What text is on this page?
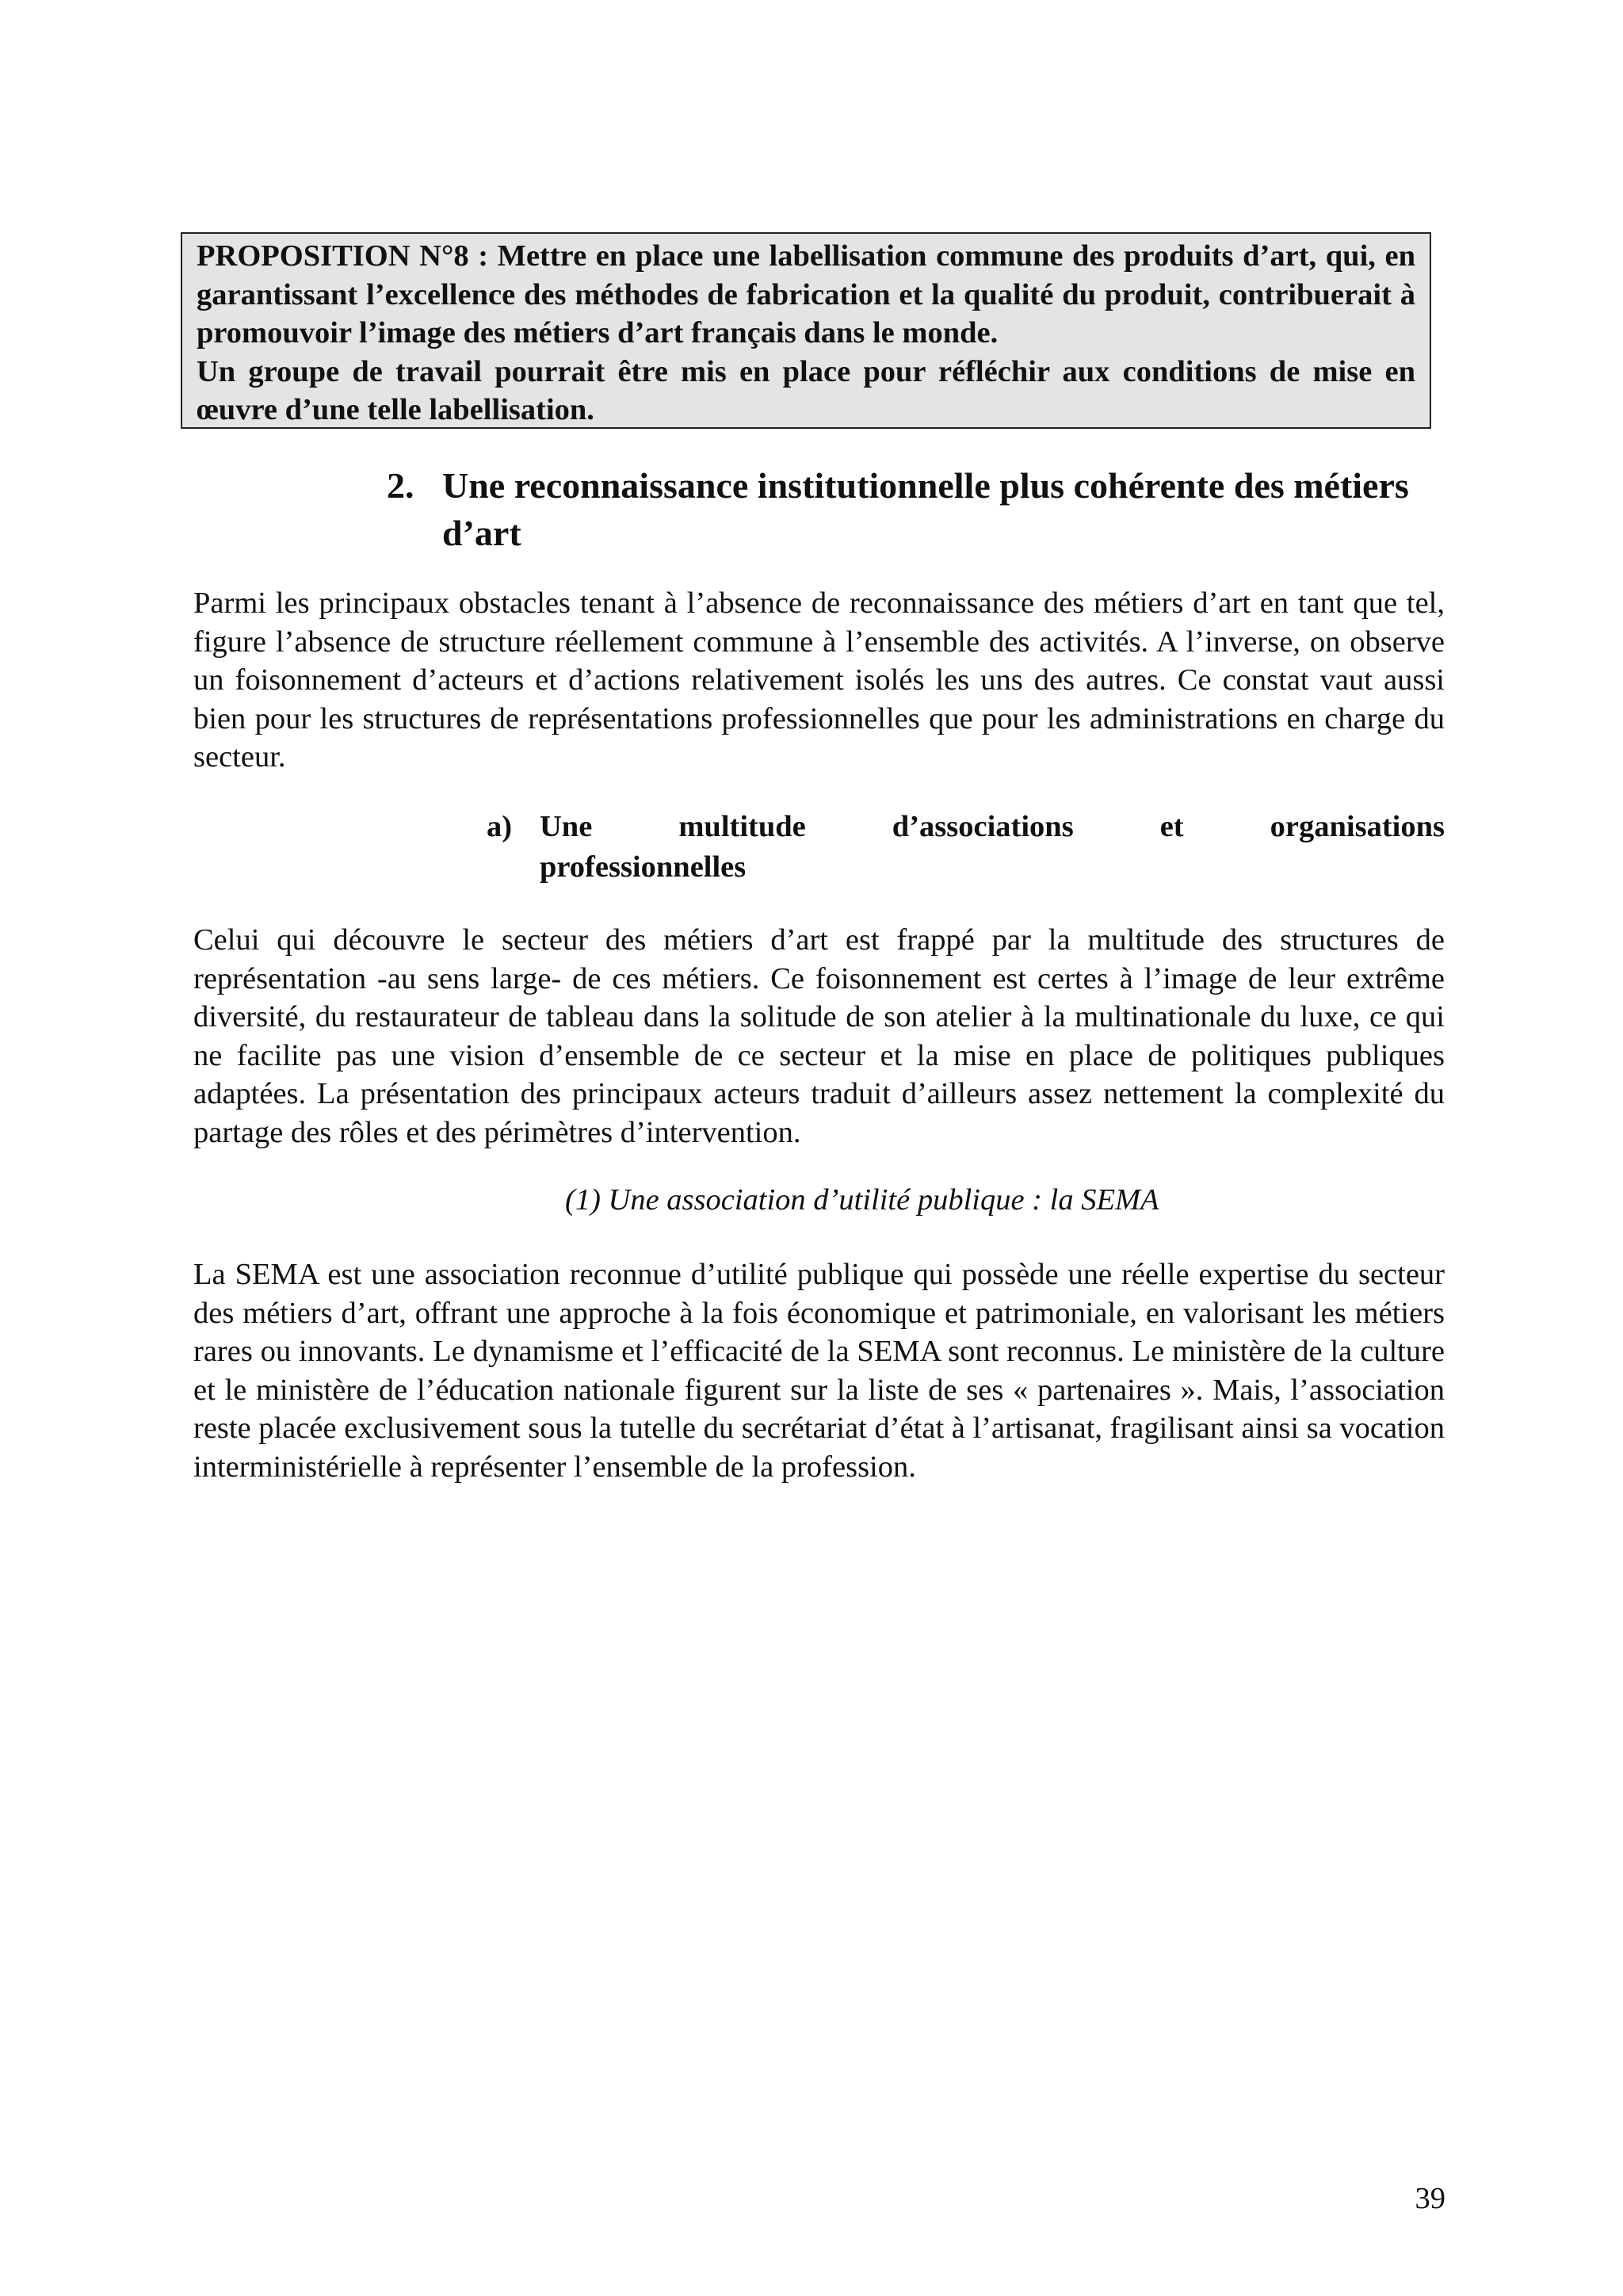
PROPOSITION N°8 : Mettre en place une labellisation commune des produits d’art, qui, en garantissant l’excellence des méthodes de fabrication et la qualité du produit, contribuerait à promouvoir l’image des métiers d’art français dans le monde.

Un groupe de travail pourrait être mis en place pour réfléchir aux conditions de mise en œuvre d’une telle labellisation.

2. Une reconnaissance institutionnelle plus cohérente des métiers d’art

Parmi les principaux obstacles tenant à l’absence de reconnaissance des métiers d’art en tant que tel, figure l’absence de structure réellement commune à l’ensemble des activités. A l’inverse, on observe un foisonnement d’acteurs et d’actions relativement isolés les uns des autres. Ce constat vaut aussi bien pour les structures de représentations professionnelles que pour les administrations en charge du secteur.

a) Une multitude d’associations et organisations
professionnelles

Celui qui découvre le secteur des métiers d’art est frappé par la multitude des structures de représentation -au sens large- de ces métiers. Ce foisonnement est certes à l’image de leur extrême diversité, du restaurateur de tableau dans la solitude de son atelier à la multinationale du luxe, ce qui ne facilite pas une vision d’ensemble de ce secteur et la mise en place de politiques publiques adaptées. La présentation des principaux acteurs traduit d’ailleurs assez nettement la complexité du partage des rôles et des périmètres d’intervention.

(1) Une association d’utilité publique : la SEMA

La SEMA est une association reconnue d’utilité publique qui possède une réelle expertise du secteur des métiers d’art, offrant une approche à la fois économique et patrimoniale, en valorisant les métiers rares ou innovants. Le dynamisme et l’efficacité de la SEMA sont reconnus. Le ministère de la culture et le ministère de l’éducation nationale figurent sur la liste de ses « partenaires ». Mais, l’association reste placée exclusivement sous la tutelle du secrétariat d’état à l’artisanat, fragilisant ainsi sa vocation interministérielle à représenter l’ensemble de la profession.

39
